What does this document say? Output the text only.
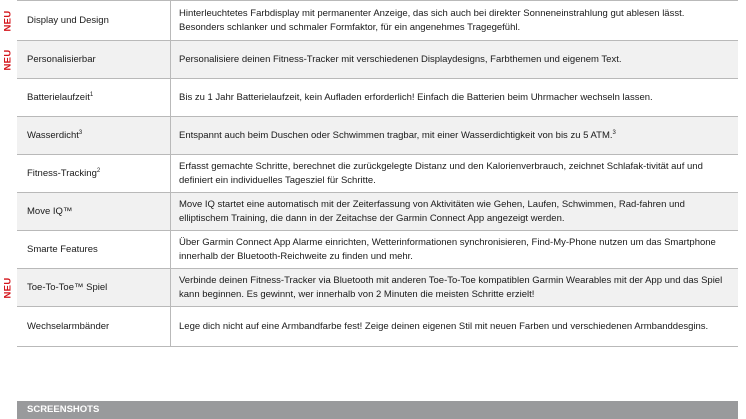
NEU Display und Design	Hinterleuchtetes Farbdisplay mit permanenter Anzeige, das sich auch bei direkter Sonneneinstrahlung gut ablesen lässt. Besonders schlanker und schmaler Formfaktor, für ein angenehmes Tragegefühl.

NEU Personalisierbar	Personalisiere deinen Fitness-Tracker mit verschiedenen Displaydesigns, Farbthemen und eigenem Text.
Batterielaufzeit$^1$	Bis zu 1 Jahr Batterielaufzeit, kein Aufladen erforderlich! Einfach die Batterien beim Uhrmacher wechseln lassen.
Wasserdicht$^3$	Entspannt auch beim Duschen oder Schwimmen tragbar, mit einer Wasserdichtigkeit von bis zu 5 ATM.$^3$
Fitness-Tracking$^2$	Erfasst gemachte Schritte, berechnet die zurückgelegte Distanz und den Kalorienverbrauch, zeichnet Schlafak-tivität auf und definiert ein individuelles Tagesziel für Schritte.
Move IQ™	Move IQ startet eine automatisch mit der Zeiterfassung von Aktivitäten wie Gehen, Laufen, Schwimmen, Rad-fahren und elliptischem Training, die dann in der Zeitachse der Garmin Connect App angezeigt werden.
Smarte Features	Über Garmin Connect App Alarme einrichten, Wetterinformationen synchronisieren, Find-My-Phone nutzen um das Smartphone innerhalb der Bluetooth-Reichweite zu finden und mehr.

NEU Toe-To-Toe™ Spiel	Verbinde deinen Fitness-Tracker via Bluetooth mit anderen Toe-To-Toe kompatiblen Garmin Wearables mit der App und das Spiel kann beginnen. Es gewinnt, wer innerhalb von 2 Minuten die meisten Schritte erzielt!
Wechselarmbänder	Lege dich nicht auf eine Armbandfarbe fest! Zeige deinen eigenen Stil mit neuen Farben und verschiedenen Armbanddesgins.
SCREENSHOTS
